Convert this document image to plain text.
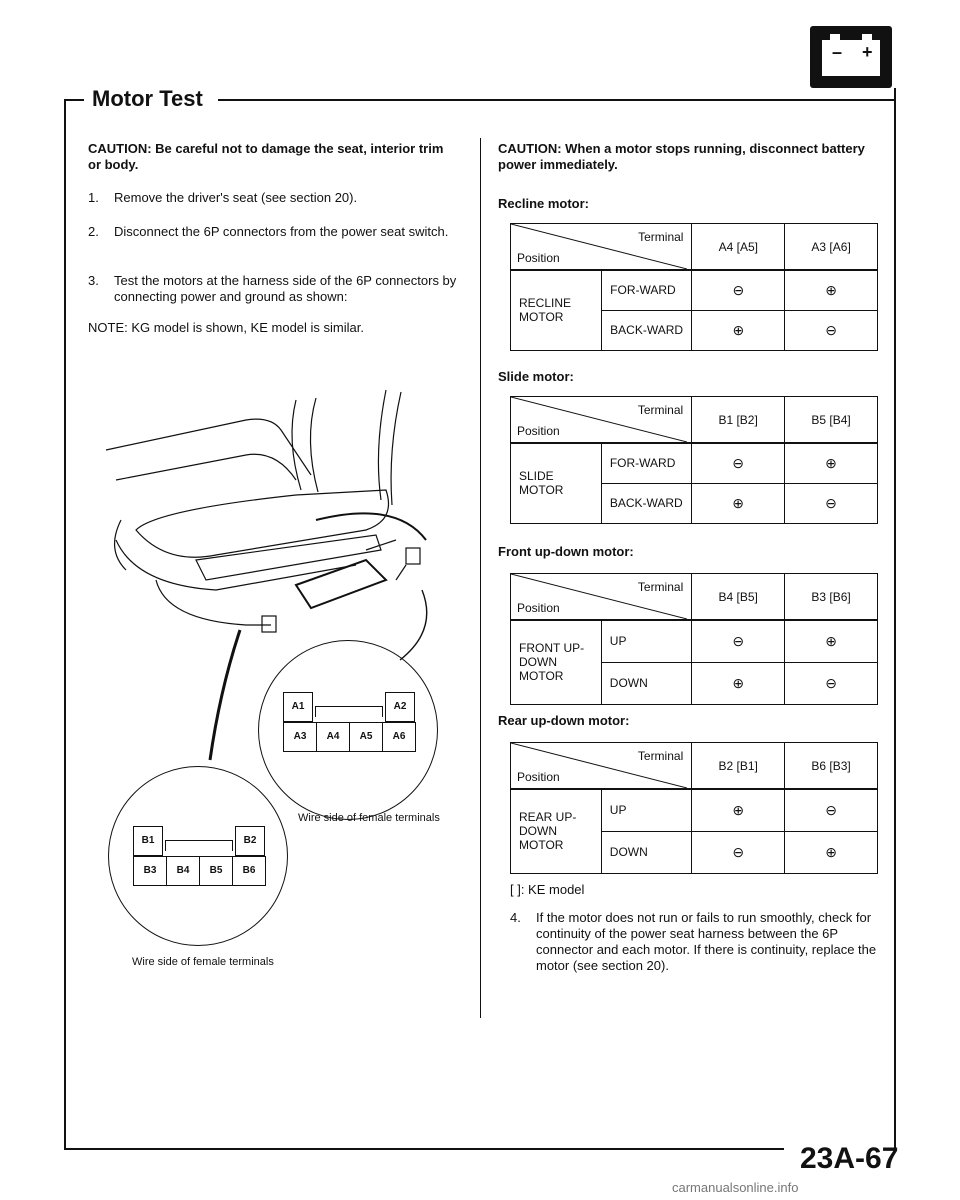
– +
Motor Test
CAUTION: Be careful not to damage the seat, interior trim or body.
1. Remove the driver's seat (see section 20).
2. Disconnect the 6P connectors from the power seat switch.
3. Test the motors at the harness side of the 6P connectors by connecting power and ground as shown:
NOTE: KG model is shown, KE model is similar.
A1	A2
A3	A4	A5	A6
Wire side of female terminals
B1	B2
B3	B4	B5	B6
Wire side of female terminals
CAUTION: When a motor stops running, disconnect battery power immediately.
Recline motor:
Terminal
Position		A4 [A5]	A3 [A6]
RECLINE MOTOR	FOR-WARD	⊖	⊕
	BACK-WARD	⊕	⊖
Slide motor:
Terminal
Position		B1 [B2]	B5 [B4]
SLIDE MOTOR	FOR-WARD	⊖	⊕
	BACK-WARD	⊕	⊖
Front up-down motor:
Terminal
Position		B4 [B5]	B3 [B6]
FRONT UP-DOWN MOTOR	UP	⊖	⊕
	DOWN	⊕	⊖
Rear up-down motor:
Terminal
Position		B2 [B1]	B6 [B3]
REAR UP-DOWN MOTOR	UP	⊕	⊖
	DOWN	⊖	⊕
[ ]: KE model
4. If the motor does not run or fails to run smoothly, check for continuity of the power seat harness between the 6P connector and each motor. If there is continuity, replace the motor (see section 20).
23A-67
carmanualsonline.info
